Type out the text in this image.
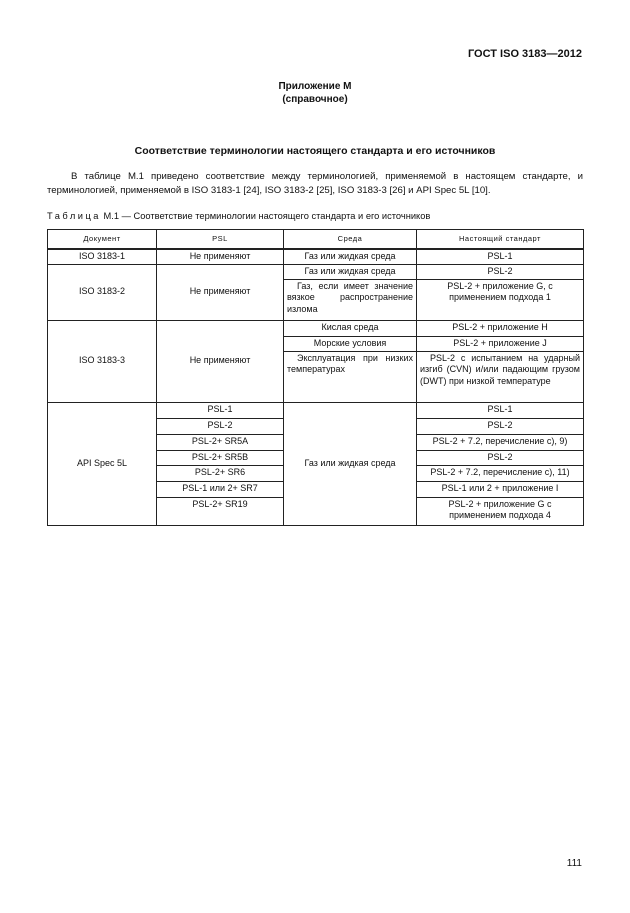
ГОСТ ISO 3183—2012
Приложение М
(справочное)
Соответствие терминологии настоящего стандарта и его источников
В таблице М.1 приведено соответствие между терминологией, применяемой в настоящем стандарте, и терминологией, применяемой в ISO 3183-1 [24], ISO 3183-2 [25], ISO 3183-3 [26] и API Spec 5L [10].
Таблица М.1 — Соответствие терминологии настоящего стандарта и его источников
Документ	PSL	Среда	Настоящий стандарт
ISO 3183-1	Не применяют	Газ или жидкая среда	PSL-1
ISO 3183-2	Не применяют	Газ или жидкая среда	PSL-2
		Газ, если имеет значение вязкое распространение излома	PSL-2 + приложение G, с применением подхода 1
ISO 3183-3	Не применяют	Кислая среда	PSL-2 + приложение H
		Морские условия	PSL-2 + приложение J
		Эксплуатация при низких температурах	PSL-2 с испытанием на ударный изгиб (CVN) и/или падающим грузом (DWT) при низкой температуре
API Spec 5L	PSL-1	Газ или жидкая среда	PSL-1
	PSL-2		PSL-2
	PSL-2+ SR5A		PSL-2 + 7.2, перечисление с), 9)
	PSL-2+ SR5B		PSL-2
	PSL-2+ SR6		PSL-2 + 7.2, перечисление с), 11)
	PSL-1 или 2+ SR7		PSL-1 или 2 + приложение I
	PSL-2+ SR19		PSL-2 + приложение G с применением подхода 4
111
